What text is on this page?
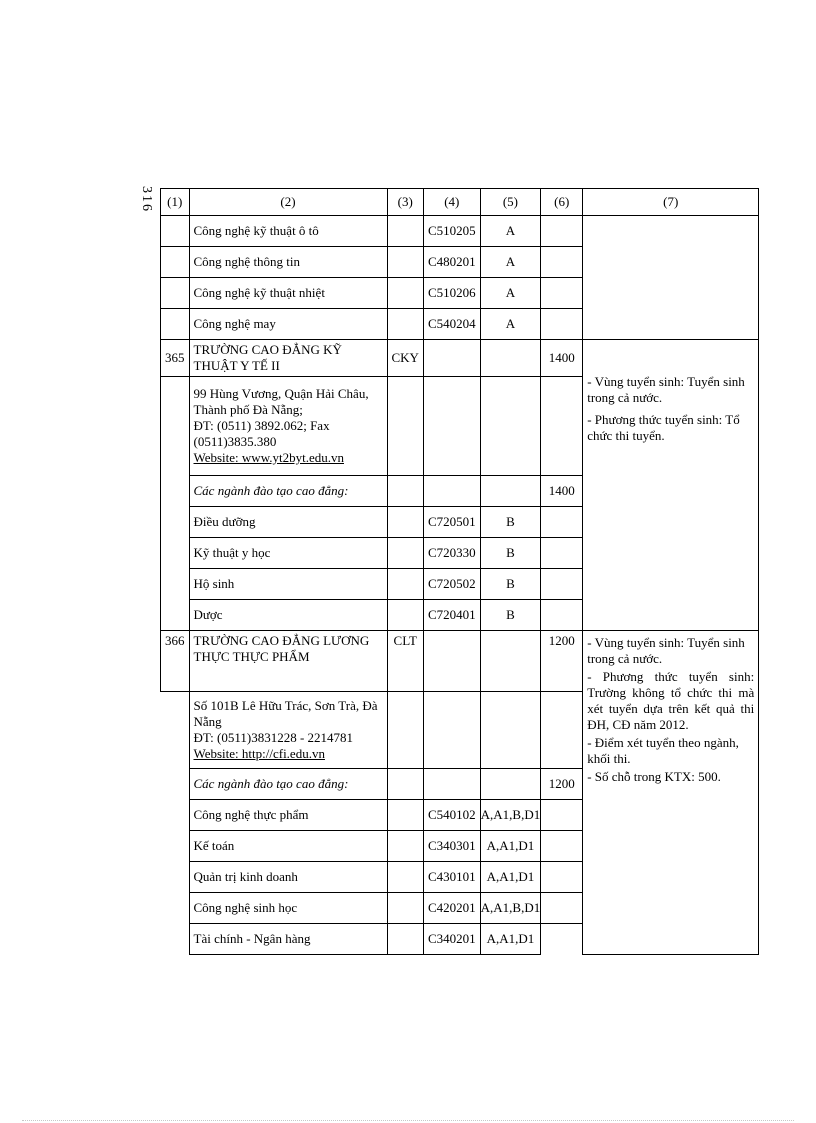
316 (1)	(2)	(3)	(4)	(5)	(6)	(7)
	Công nghệ kỹ thuật ô tô		C510205	A		
	Công nghệ thông tin		C480201	A		
	Công nghệ kỹ thuật nhiệt		C510206	A		
	Công nghệ may		C540204	A		
365	TRƯỜNG CAO ĐẲNG KỸ THUẬT Y TẾ II	CKY			1400	- Vùng tuyển sinh: Tuyển sinh trong cả nước.
- Phương thức tuyển sinh: Tổ chức thi tuyển.

	99 Hùng Vương, Quận Hải Châu, Thành phố Đà Nẵng;
ĐT: (0511) 3892.062; Fax (0511)3835.380
Website: www.yt2byt.edu.vn					

	Các ngành đào tạo cao đẳng:				1400	
	Điều dưỡng		C720501	B		
	Kỹ thuật y học		C720330	B		
	Hộ sinh		C720502	B		
	Dược		C720401	B		
366	TRƯỜNG CAO ĐẲNG LƯƠNG THỰC THỰC PHẨM	CLT			1200	- Vùng tuyển sinh: Tuyển sinh trong cả nước.
- Phương thức tuyển sinh: Trường không tổ chức thi mà xét tuyển dựa trên kết quả thi ĐH, CĐ năm 2012.
- Điểm xét tuyển theo ngành, khối thi.
- Số chỗ trong KTX: 500.

	Số 101B Lê Hữu Trác, Sơn Trà, Đà Nẵng
ĐT: (0511)3831228 - 2214781
Website: http://cfi.edu.vn					

	Các ngành đào tạo cao đẳng:				1200	
	Công nghệ thực phẩm		C540102	A,A1,B,D1		
	Kế toán		C340301	A,A1,D1		
	Quản trị kinh doanh		C430101	A,A1,D1		
	Công nghệ sinh học		C420201	A,A1,B,D1		
	Tài chính - Ngân hàng		C340201	A,A1,D1		
